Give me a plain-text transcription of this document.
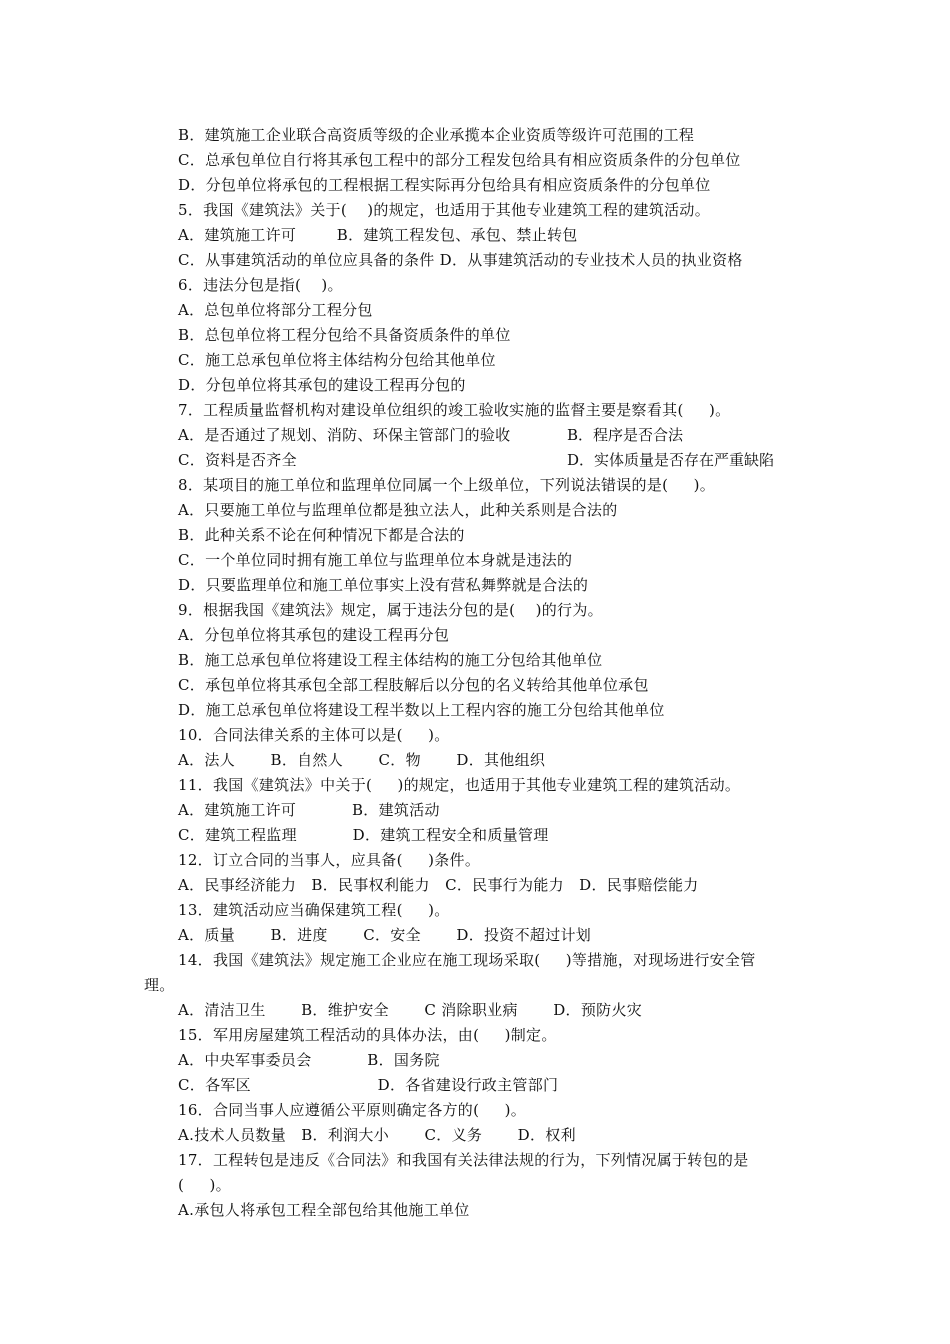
B．建筑施工企业联合高资质等级的企业承揽本企业资质等级许可范围的工程
C．总承包单位自行将其承包工程中的部分工程发包给具有相应资质条件的分包单位
D．分包单位将承包的工程根据工程实际再分包给具有相应资质条件的分包单位
5．我国《建筑法》关于(    )的规定，也适用于其他专业建筑工程的建筑活动。
A．建筑施工许可        B．建筑工程发包、承包、禁止转包
C．从事建筑活动的单位应具备的条件 D．从事建筑活动的专业技术人员的执业资格
6．违法分包是指(    )。
A．总包单位将部分工程分包
B．总包单位将工程分包给不具备资质条件的单位
C．施工总承包单位将主体结构分包给其他单位
D．分包单位将其承包的建设工程再分包的
7．工程质量监督机构对建设单位组织的竣工验收实施的监督主要是察看其(     )。
A．是否通过了规划、消防、环保主管部门的验收	B．程序是否合法
C．资料是否齐全	D．实体质量是否存在严重缺陷
8．某项目的施工单位和监理单位同属一个上级单位，下列说法错误的是(     )。
A．只要施工单位与监理单位都是独立法人，此种关系则是合法的
B．此种关系不论在何种情况下都是合法的
C．一个单位同时拥有施工单位与监理单位本身就是违法的
D．只要监理单位和施工单位事实上没有营私舞弊就是合法的
9．根据我国《建筑法》规定，属于违法分包的是(    )的行为。
A．分包单位将其承包的建设工程再分包
B．施工总承包单位将建设工程主体结构的施工分包给其他单位
C．承包单位将其承包全部工程肢解后以分包的名义转给其他单位承包
D．施工总承包单位将建设工程半数以上工程内容的施工分包给其他单位
10．合同法律关系的主体可以是(     )。
A．法人       B．自然人       C．物       D．其他组织
11．我国《建筑法》中关于(     )的规定，也适用于其他专业建筑工程的建筑活动。
A．建筑施工许可           B．建筑活动
C．建筑工程监理           D．建筑工程安全和质量管理
12．订立合同的当事人，应具备(     )条件。
A．民事经济能力   B．民事权利能力   C．民事行为能力   D．民事赔偿能力
13．建筑活动应当确保建筑工程(     )。
A．质量       B．进度       C．安全       D．投资不超过计划
14．我国《建筑法》规定施工企业应在施工现场采取(     )等措施，对现场进行安全管
理。
A．清洁卫生       B．维护安全       C 消除职业病       D．预防火灾
15．军用房屋建筑工程活动的具体办法，由(     )制定。
A．中央军事委员会           B．国务院
C．各军区                         D．各省建设行政主管部门
16．合同当事人应遵循公平原则确定各方的(     )。
A.技术人员数量   B．利润大小       C．义务       D．权利
17．工程转包是违反《合同法》和我国有关法律法规的行为，下列情况属于转包的是
(     )。
A.承包人将承包工程全部包给其他施工单位
